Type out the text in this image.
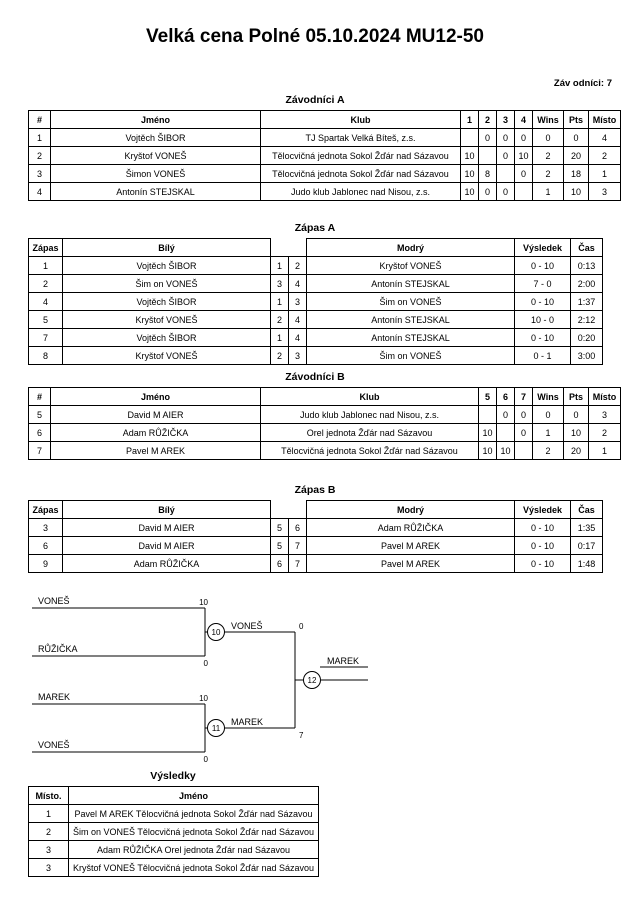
Velká cena Polné 05.10.2024 MU12-50
Záv odníci: 7
Závodníci A
#	Jméno	Klub	1	2	3	4	Wins	Pts	Místo
1	Vojtěch ŠIBOR	TJ Spartak Velká Bíteš, z.s.		0	0	0	0	0	4
2	Kryštof VONEŠ	Tělocvičná jednota Sokol Žďár nad Sázavou	10		0	10	2	20	2
3	Šimon VONEŠ	Tělocvičná jednota Sokol Žďár nad Sázavou	10	8		0	2	18	1
4	Antonín STEJSKAL	Judo klub Jablonec nad Nisou, z.s.	10	0	0		1	10	3
Zápas A
Zápas	Bílý			Modrý	Výsledek	Čas
1	Vojtěch ŠIBOR	1	2	Kryštof VONEŠ	0 - 10	0:13
2	Šim on VONEŠ	3	4	Antonín STEJSKAL	7 - 0	2:00
4	Vojtěch ŠIBOR	1	3	Šim on VONEŠ	0 - 10	1:37
5	Kryštof VONEŠ	2	4	Antonín STEJSKAL	10 - 0	2:12
7	Vojtěch ŠIBOR	1	4	Antonín STEJSKAL	0 - 10	0:20
8	Kryštof VONEŠ	2	3	Šim on VONEŠ	0 - 1	3:00
Závodníci B
#	Jméno	Klub	5	6	7	Wins	Pts	Místo
5	David M AIER	Judo klub Jablonec nad Nisou, z.s.		0	0	0	0	3
6	Adam RŮŽIČKA	Orel jednota Žďár nad Sázavou	10		0	1	10	2
7	Pavel M AREK	Tělocvičná jednota Sokol Žďár nad Sázavou	10	10		2	20	1
Zápas B
Zápas	Bílý			Modrý	Výsledek	Čas
3	David M AIER	5	6	Adam RŮŽIČKA	0 - 10	1:35
6	David M AIER	5	7	Pavel M AREK	0 - 10	0:17
9	Adam RŮŽIČKA	6	7	Pavel M AREK	0 - 10	1:48
10
11
12
VONEŠ
RŮŽIČKA
MAREK
VONEŠ
VONEŠ
MAREK
MAREK
10
0
10
0
0
7
Výsledky
Místo.	Jméno
1	Pavel M AREK Tělocvičná jednota Sokol Žďár nad Sázavou
2	Šim on VONEŠ Tělocvičná jednota Sokol Žďár nad Sázavou
3	Adam RŮŽIČKA Orel jednota Žďár nad Sázavou
3	Kryštof VONEŠ Tělocvičná jednota Sokol Žďár nad Sázavou
